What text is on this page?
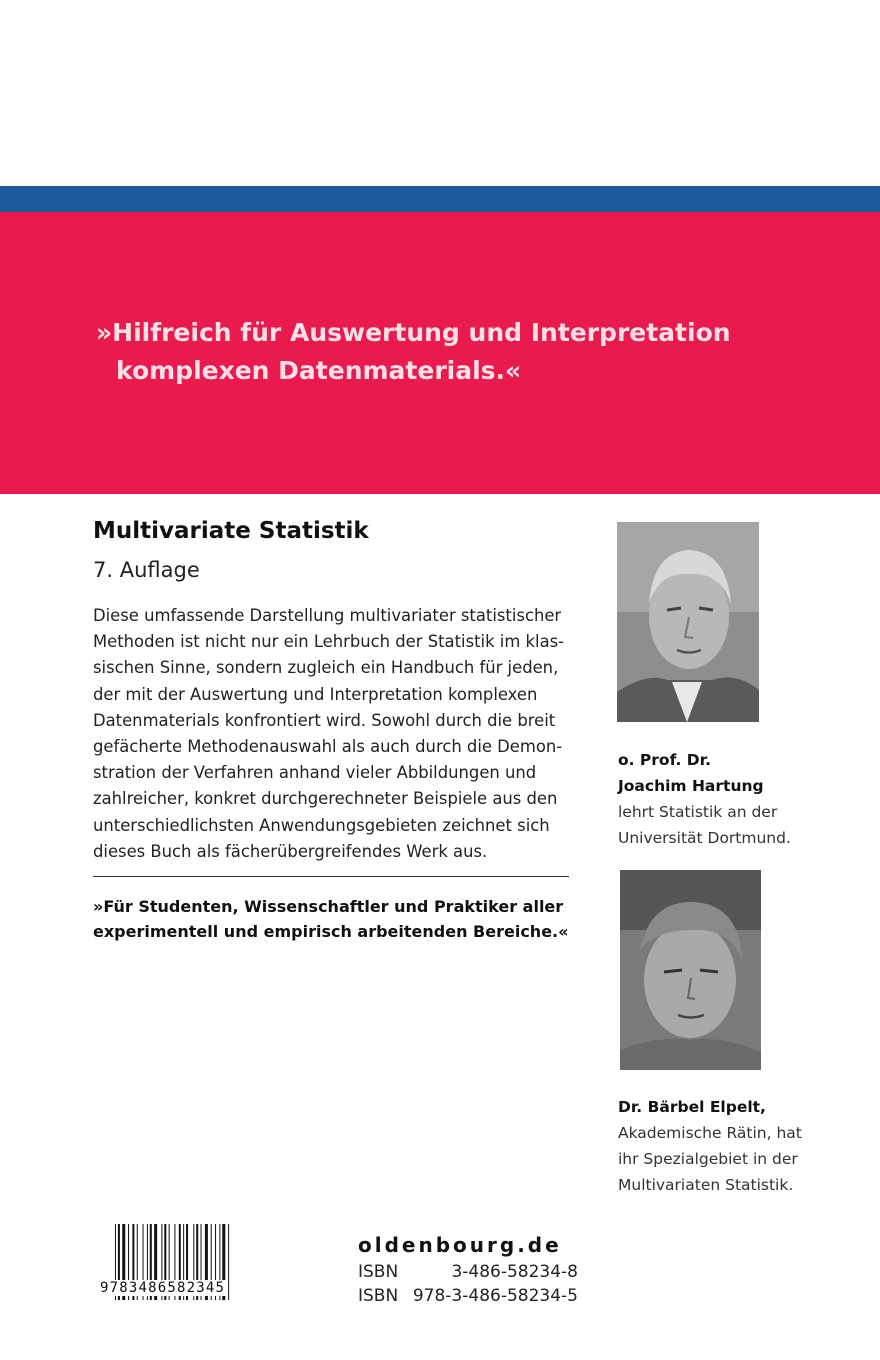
»Hilfreich für Auswertung und Interpretation
komplexen Datenmaterials.«
Multivariate Statistik
7. Auflage
Diese umfassende Darstellung multivariater statistischer
Methoden ist nicht nur ein Lehrbuch der Statistik im klas-
sischen Sinne, sondern zugleich ein Handbuch für jeden,
der mit der Auswertung und Interpretation komplexen
Datenmaterials konfrontiert wird. Sowohl durch die breit
gefächerte Methodenauswahl als auch durch die Demon-
stration der Verfahren anhand vieler Abbildungen und
zahlreicher, konkret durchgerechneter Beispiele aus den
unterschiedlichsten Anwendungsgebieten zeichnet sich
dieses Buch als fächerübergreifendes Werk aus.
»Für Studenten, Wissenschaftler und Praktiker aller
experimentell und empirisch arbeitenden Bereiche.«
o. Prof. Dr.
Joachim Hartung
lehrt Statistik an der
Universität Dortmund.
Dr. Bärbel Elpelt,
Akademische Rätin, hat
ihr Spezialgebiet in der
Multivariaten Statistik.
9783486582345
oldenbourg.de
ISBN	3-486-58234-8
ISBN 978-3-486-58234-5
